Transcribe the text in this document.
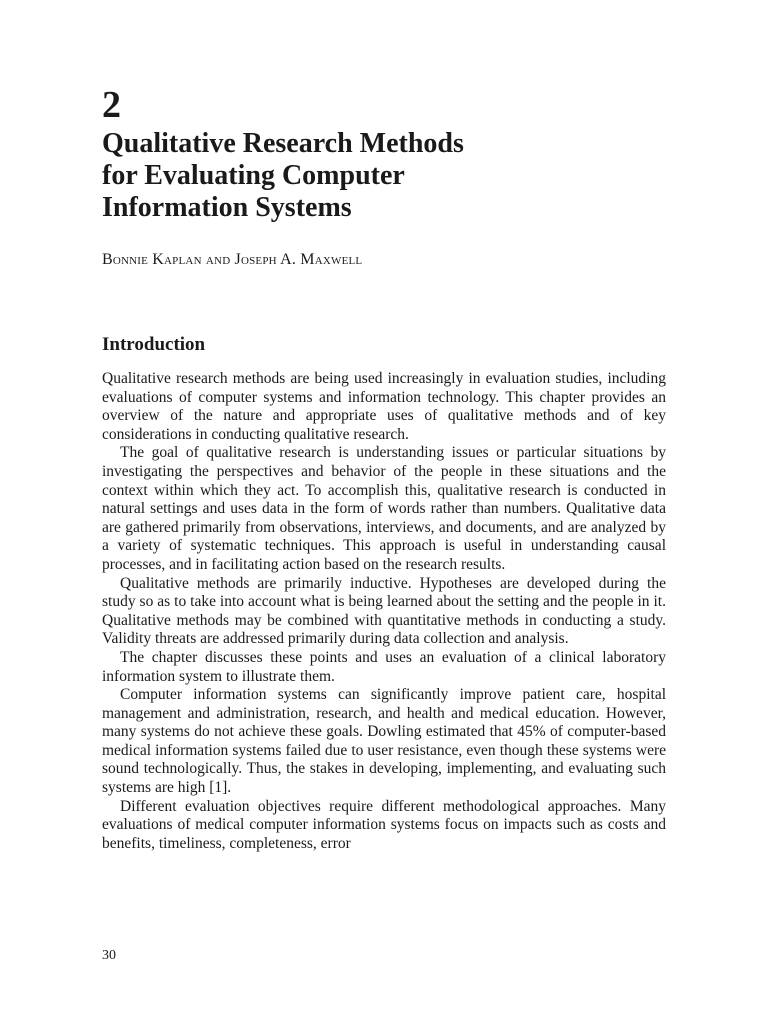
2
Qualitative Research Methods
for Evaluating Computer
Information Systems
Bonnie Kaplan and Joseph A. Maxwell
Introduction

Qualitative research methods are being used increasingly in evaluation studies, including evaluations of computer systems and information technology. This chapter provides an overview of the nature and appropriate uses of qualitative methods and of key considerations in conducting qualitative research.

The goal of qualitative research is understanding issues or particular situations by investigating the perspectives and behavior of the people in these situations and the context within which they act. To accomplish this, qualitative research is conducted in natural settings and uses data in the form of words rather than numbers. Qualitative data are gathered primarily from observations, interviews, and documents, and are analyzed by a variety of systematic techniques. This approach is useful in understanding causal processes, and in facilitating action based on the research results.

Qualitative methods are primarily inductive. Hypotheses are developed during the study so as to take into account what is being learned about the setting and the people in it. Qualitative methods may be combined with quantitative methods in conducting a study. Validity threats are addressed primarily during data collection and analysis.

The chapter discusses these points and uses an evaluation of a clinical laboratory information system to illustrate them.

Computer information systems can significantly improve patient care, hospital management and administration, research, and health and medical education. However, many systems do not achieve these goals. Dowling estimated that 45% of computer-based medical information systems failed due to user resistance, even though these systems were sound technologically. Thus, the stakes in developing, implementing, and evaluating such systems are high [1].

Different evaluation objectives require different methodological approaches. Many evaluations of medical computer information systems focus on impacts such as costs and benefits, timeliness, completeness, error

30
